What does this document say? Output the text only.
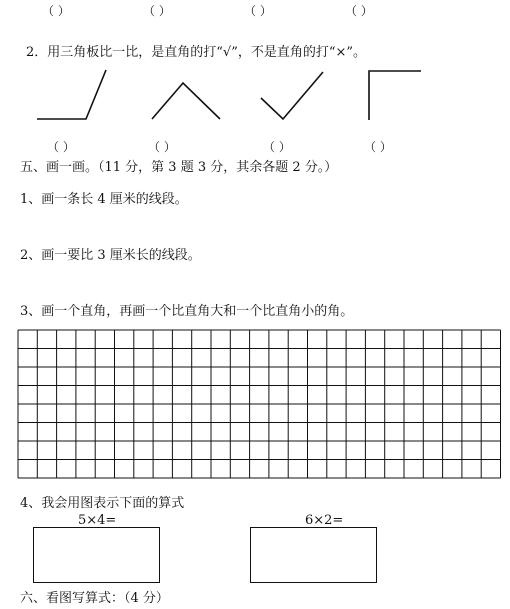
（ ）	（ ）	（ ）	（ ）
2．用三角板比一比，是直角的打“√”，不是直角的打“×”。
（ ）	（ ）	（ ）	（ ）
五、画一画。（11 分，第 3 题 3 分，其余各题 2 分。）
1、画一条长 4 厘米的线段。
2、画一要比 3 厘米长的线段。
3、画一个直角，再画一个比直角大和一个比直角小的角。
4、我会用图表示下面的算式
5×4=	6×2=
六、看图写算式：（4 分）
